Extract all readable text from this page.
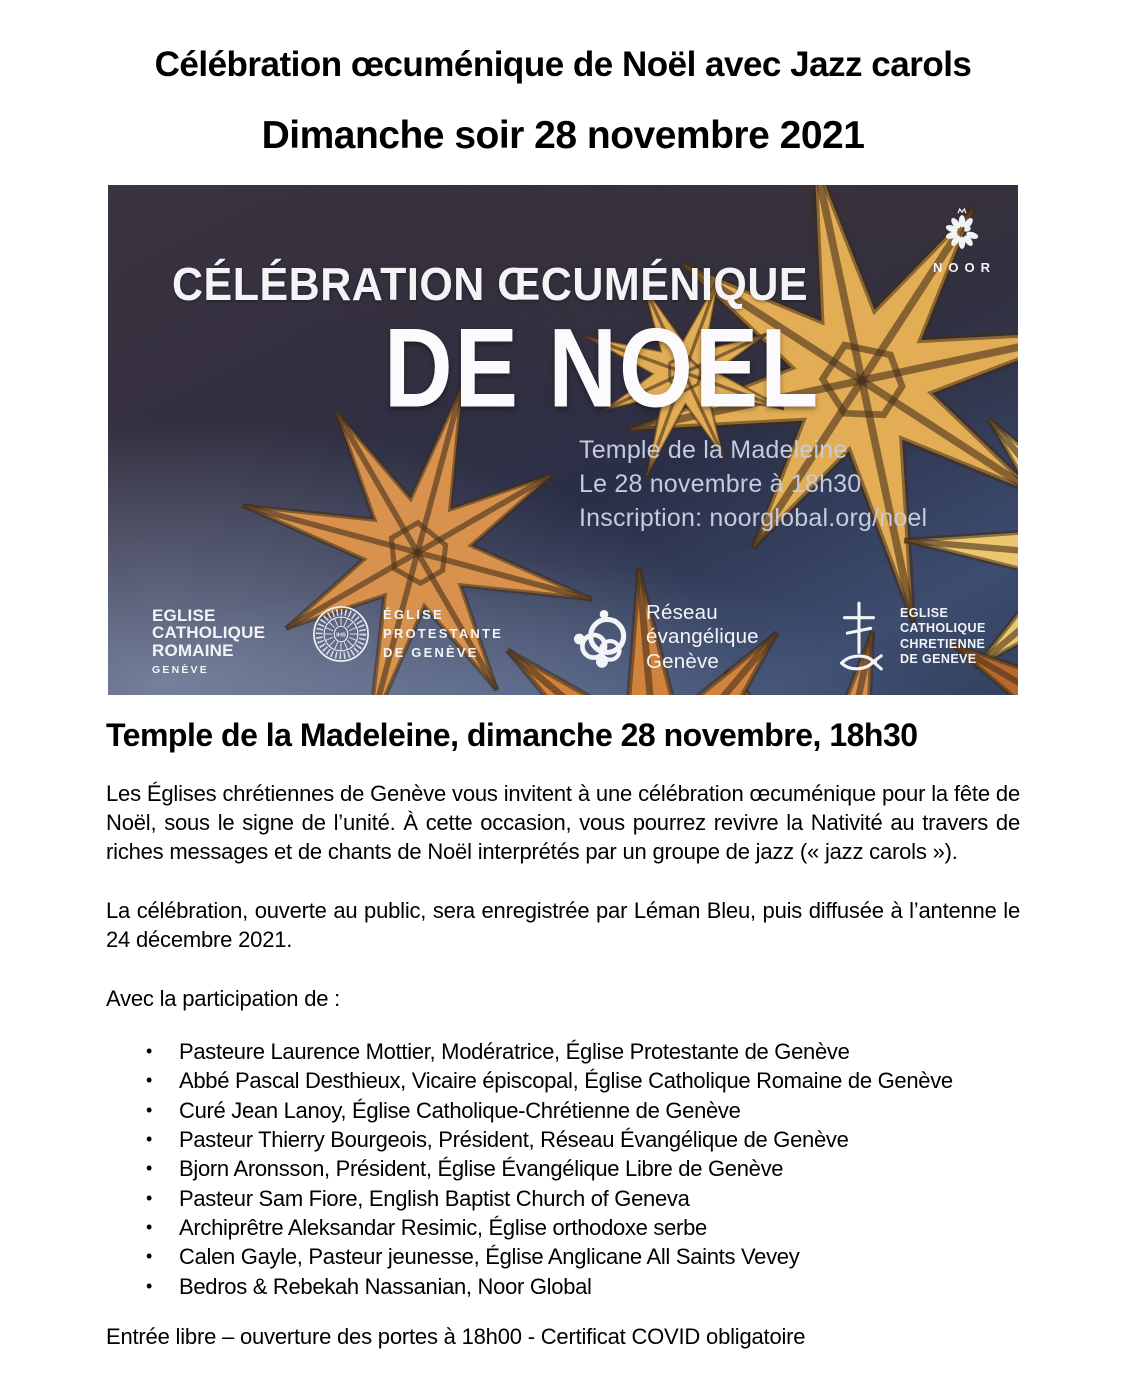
Célébration œcuménique de Noël avec Jazz carols
Dimanche soir 28 novembre 2021
CÉLÉBRATION ŒCUMÉNIQUE
DE NOEL
NOOR
Temple de la Madeleine
Le 28 novembre à 18h30
Inscription: noorglobal.org/noel
EGLISE
CATHOLIQUE
ROMAINE
GENÈVE
IHS
ÉGLISE
PROTESTANTE
DE GENÈVE
Réseau
évangélique
Genève
EGLISE
CATHOLIQUE
CHRETIENNE
DE GENEVE
Temple de la Madeleine, dimanche 28 novembre, 18h30

Les Églises chrétiennes de Genève vous invitent à une célébration œcuménique pour la fête de Noël, sous le signe de l’unité. À cette occasion, vous pourrez revivre la Nativité au travers de riches messages et de chants de Noël interprétés par un groupe de jazz (« jazz carols »).

La célébration, ouverte au public, sera enregistrée par Léman Bleu, puis diffusée à l’antenne le 24 décembre 2021.

Avec la participation de :

•	Pasteure Laurence Mottier, Modératrice, Église Protestante de Genève
•	Abbé Pascal Desthieux, Vicaire épiscopal, Église Catholique Romaine de Genève
•	Curé Jean Lanoy, Église Catholique-Chrétienne de Genève
•	Pasteur Thierry Bourgeois, Président, Réseau Évangélique de Genève
•	Bjorn Aronsson, Président, Église Évangélique Libre de Genève
•	Pasteur Sam Fiore, English Baptist Church of Geneva
•	Archiprêtre Aleksandar Resimic, Église orthodoxe serbe
•	Calen Gayle, Pasteur jeunesse, Église Anglicane All Saints Vevey
•	Bedros & Rebekah Nassanian, Noor Global

Entrée libre – ouverture des portes à 18h00 - Certificat COVID obligatoire
